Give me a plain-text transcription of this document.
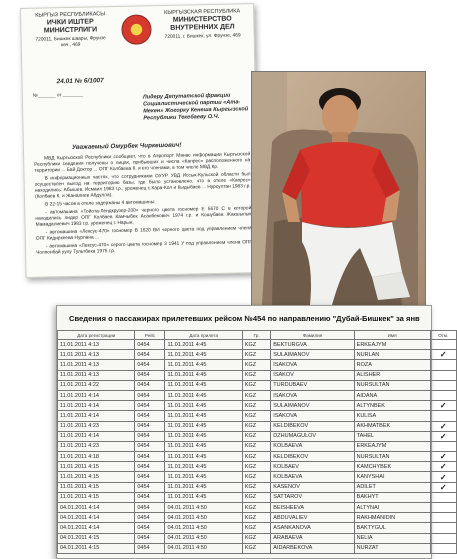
КЫРГЫЗ РЕСПУБЛИКАСЫ
ИЧКИ ИШТЕР МИНИСТРЛИГИ
720011, Бишкек шаары, Фрунзе көч., 469
КЫРГЫЗСКАЯ РЕСПУБЛИКА
МИНИСТЕРСТВО ВНУТРЕННИХ ДЕЛ
720011, г. Бишкек, ул. Фрунзе, 469
24.01 № 6/1007
№_______ от ________	Лидеру Депутатской фракции Социалистической партии «Ата-Мекен» Жогорку Кенеша Кыргызской Республики Текебаеву О.Ч.
Уважаемый Омурбек Чиркешович!

МВД Кыргызской Республики сообщает, что в Аэропорт Манас информации Кыргызской Республики сведения получены о лицах, прибывших и числа «Капрес» расположенного на территории ... Бай Доктор ... ОПГ Колбаева К. и его членами, в том числе МВД Кр.

В информационных частях, что сотрудниками ОУУР УВД Иссык-Кульской области был осуществлен выезд на территорию базы, где было установлено, что в отеле «Капрес» находились: Абышев, Исмаил 1983 г.р., уроженец с.Кара-Кол и Кыдыбаев ... Нурсултан 1983 г.р. (Колбаев К. и Жаналиев Абдулла).

В 22-15 часов в отеле задержаны 4 автомашины:

- автомашина «Тойота-Лендкрузер-200» черного цвета госномер Е 5670 С в которой находились лидер ОПГ Колбаев Камчыбек Асанбекович 1974 г.р. и Кошубаев Жакшылык Мамадалиевич 1983 г.р. уроженец г. Нарын;

- автомашина «Лексус-470» госномер В 1620 ВИ черного цвета под управлением члена ОПГ Кидиркеева Нурлана ...

- автомашина «Лексус-470» серого цвета госномер 3 1941 У под управлением члена ОПГ Чолпонбай уулу Тультбека 1975 г.р.

Сведения о пассажирах прилетевших рейсом №454 по направлению "Дубай-Бишкек" за янв
Дата регистрации	Рейс	Дата прилета	Гр.	Фамилия	Имя	Отм.
11.01.2011 4:13	0454	11.01.2011 4:45	KGZ	BEKTURGVA	ERKEAJYM	
11.01.2011 4:13	0454	11.01.2011 4:45	KGZ	SULAIMANOV	NURLAN	✓
11.01.2011 4:13	0454	11.01.2011 4:45	KGZ	ISAKOVA	ROZA	
11.01.2011 4:13	0454	11.01.2011 4:45	KGZ	ISAKOV	ALISHER	
11.01.2011 4:22	0454	11.01.2011 4:45	KGZ	TURDUBAEV	NURSULTAN	
11.01.2011 4:14	0454	11.01.2011 4:45	KGZ	ISAKOVA	AIDANA	
11.01.2011 4:14	0454	11.01.2011 4:45	KGZ	SULAIMANOV	ALTYNBEK	✓
11.01.2011 4:14	0454	11.01.2011 4:45	KGZ	ISAKOVA	KULISA	
11.01.2011 4:23	0454	11.01.2011 4:45	KGZ	KELDIBEKOV	AKHMATBEK	✓
11.01.2011 4:14	0454	11.01.2011 4:45	KGZ	DZHUMAGULOV	TAHEL	✓
11.01.2011 4:23	0454	11.01.2011 4:45	KGZ	KOLBAEVA	ERKEAJYM	
11.01.2011 4:18	0454	11.01.2011 4:45	KGZ	KELDIBEKOV	NURSULTAN	✓
11.01.2011 4:15	0454	11.01.2011 4:45	KGZ	KOLBAEV	KAMCHYBEK	✓
11.01.2011 4:15	0454	11.01.2011 4:45	KGZ	KOLBAEVA	KANYSHAI	✓
11.01.2011 4:15	0454	11.01.2011 4:45	KGZ	KASENOV	ADILET	✓
11.01.2011 4:15	0454	11.01.2011 4:45	KGZ	SATTAROV	BAKHYT	
04.01.2011 4:14	0454	04.01.2011 4:50	KGZ	BEISHEEVA	ALTYNAI	
04.01.2011 4:14	0454	04.01.2011 4:50	KGZ	ABDUVALIEV	RAKHMANIDIN	
04.01.2011 4:14	0454	04.01.2011 4:50	KGZ	ASANKANOVA	BAKTYGUL	
04.01.2011 4:15	0454	04.01.2011 4:50	KGZ	ARABAEVA	NELIA	
04.01.2011 4:15	0454	04.01.2011 4:50	KGZ	AIDARBEKOVA	NURZAT	
